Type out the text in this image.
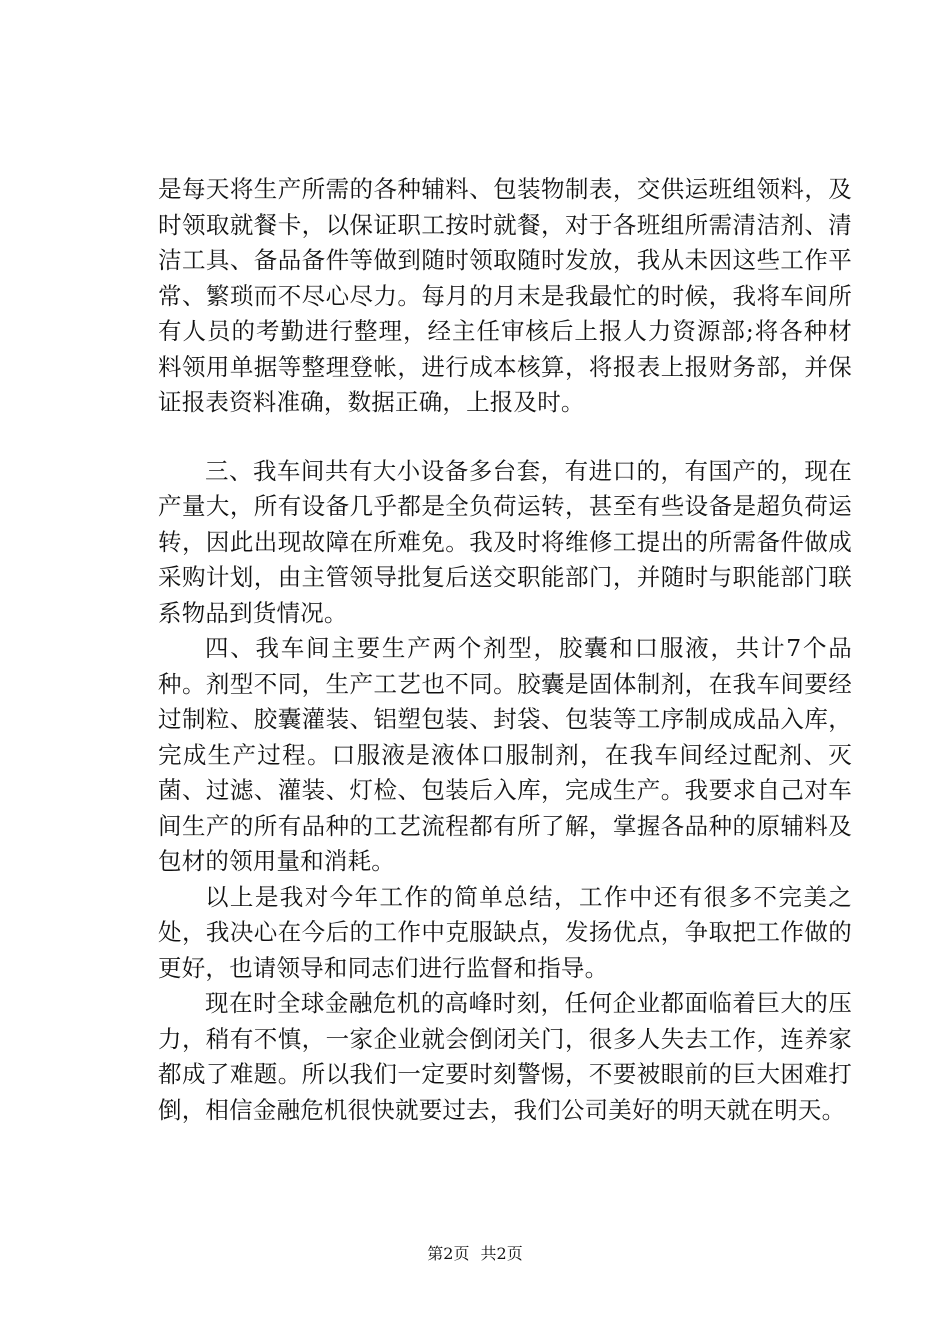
是每天将生产所需的各种辅料、包装物制表，交供运班组领料，及时领取就餐卡，以保证职工按时就餐，对于各班组所需清洁剂、清洁工具、备品备件等做到随时领取随时发放，我从未因这些工作平常、繁琐而不尽心尽力。每月的月末是我最忙的时候，我将车间所有人员的考勤进行整理，经主任审核后上报人力资源部;将各种材料领用单据等整理登帐，进行成本核算，将报表上报财务部，并保证报表资料准确，数据正确，上报及时。

三、我车间共有大小设备多台套，有进口的，有国产的，现在产量大，所有设备几乎都是全负荷运转，甚至有些设备是超负荷运转，因此出现故障在所难免。我及时将维修工提出的所需备件做成采购计划，由主管领导批复后送交职能部门，并随时与职能部门联系物品到货情况。

四、我车间主要生产两个剂型，胶囊和口服液，共计7个品种。剂型不同，生产工艺也不同。胶囊是固体制剂，在我车间要经过制粒、胶囊灌装、铝塑包装、封袋、包装等工序制成成品入库，完成生产过程。口服液是液体口服制剂，在我车间经过配剂、灭菌、过滤、灌装、灯检、包装后入库，完成生产。我要求自己对车间生产的所有品种的工艺流程都有所了解，掌握各品种的原辅料及包材的领用量和消耗。

以上是我对今年工作的简单总结，工作中还有很多不完美之处，我决心在今后的工作中克服缺点，发扬优点，争取把工作做的更好，也请领导和同志们进行监督和指导。

现在时全球金融危机的高峰时刻，任何企业都面临着巨大的压力，稍有不慎，一家企业就会倒闭关门，很多人失去工作，连养家都成了难题。所以我们一定要时刻警惕，不要被眼前的巨大困难打倒，相信金融危机很快就要过去，我们公司美好的明天就在明天。

第2页 共2页
